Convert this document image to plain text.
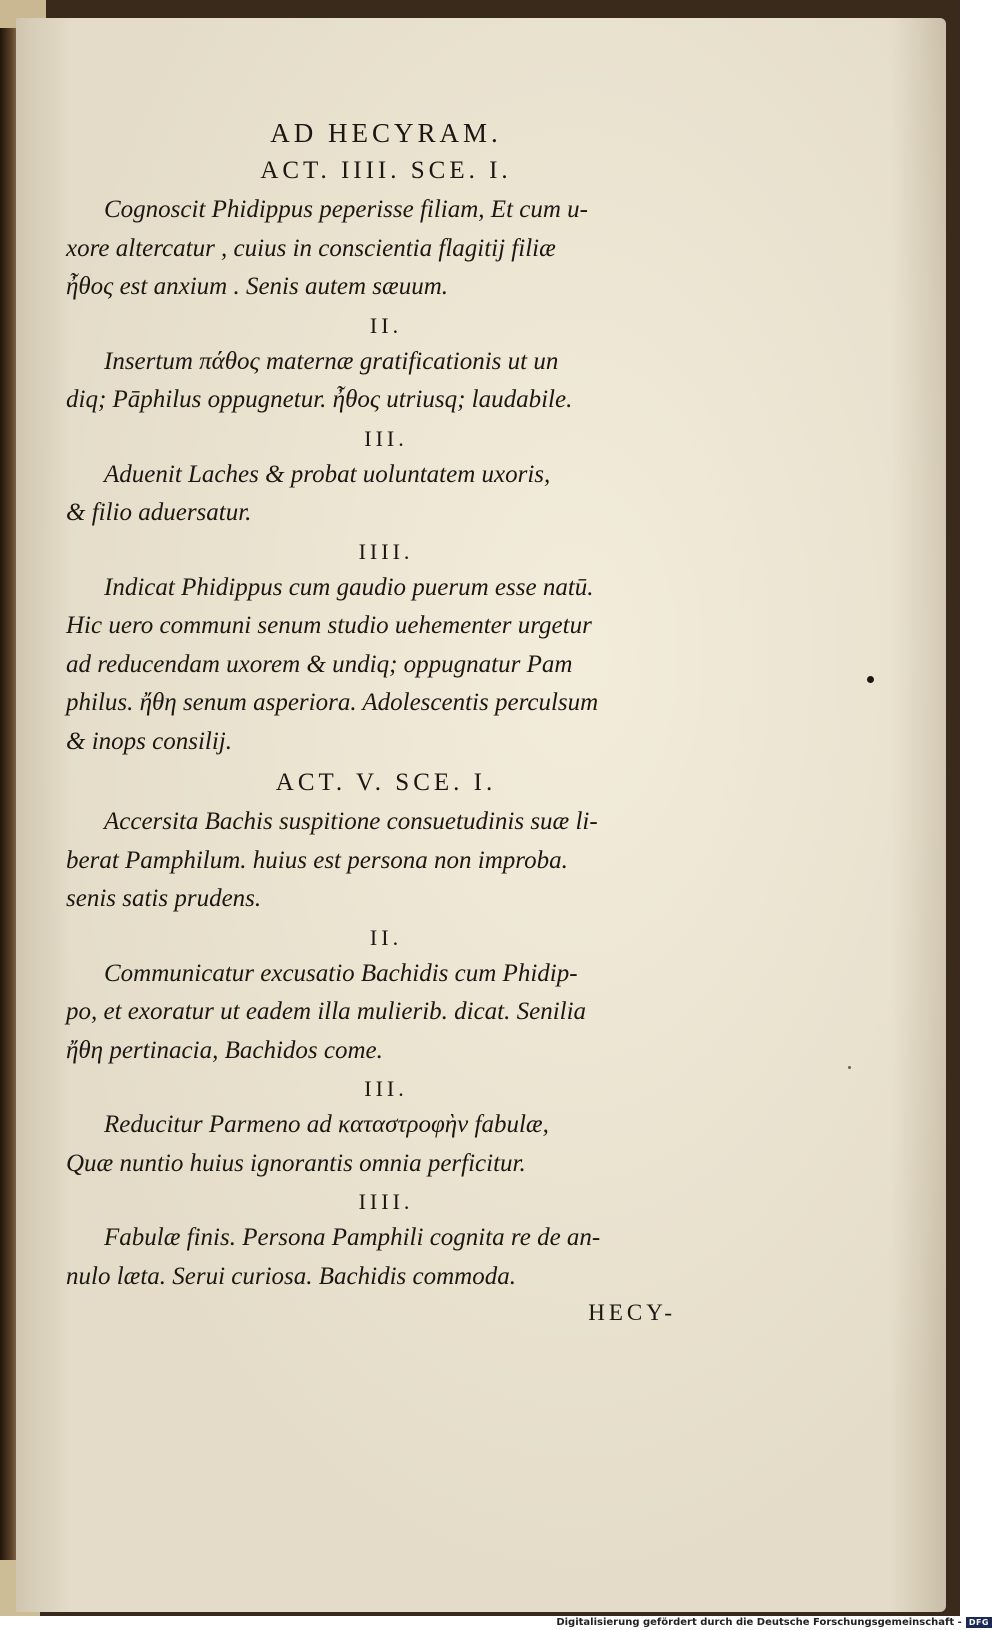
AD HECYRAM.

ACT. IIII. SCE. I.

Cognoscit Phidippus peperisse filiam, Et cum u-
xore altercatur , cuius in conscientia flagitij filiæ
ἦθος est anxium . Senis autem sæuum.

II.

Insertum πάθος maternæ gratificationis ut un
diq; Pāphilus oppugnetur. ἦθος utriusq; laudabile.

III.

Aduenit Laches & probat uoluntatem uxoris,
& filio aduersatur.

IIII.

Indicat Phidippus cum gaudio puerum esse natū.
Hic uero communi senum studio uehementer urgetur
ad reducendam uxorem & undiq; oppugnatur Pam
philus. ἤθη senum asperiora. Adolescentis perculsum
& inops consilij.

ACT. V. SCE. I.

Accersita Bachis suspitione consuetudinis suæ li-
berat Pamphilum. huius est persona non improba.
senis satis prudens.

II.

Communicatur excusatio Bachidis cum Phidip-
po, et exoratur ut eadem illa mulierib. dicat. Senilia
ἤθη pertinacia, Bachidos come.

III.

Reducitur Parmeno ad καταστροφὴν fabulæ,
Quæ nuntio huius ignorantis omnia perficitur.

IIII.

Fabulæ finis. Persona Pamphili cognita re de an-
nulo læta. Serui curiosa. Bachidis commoda.

HECY-

Digitalisierung gefördert durch die Deutsche Forschungsgemeinschaft - DFG
